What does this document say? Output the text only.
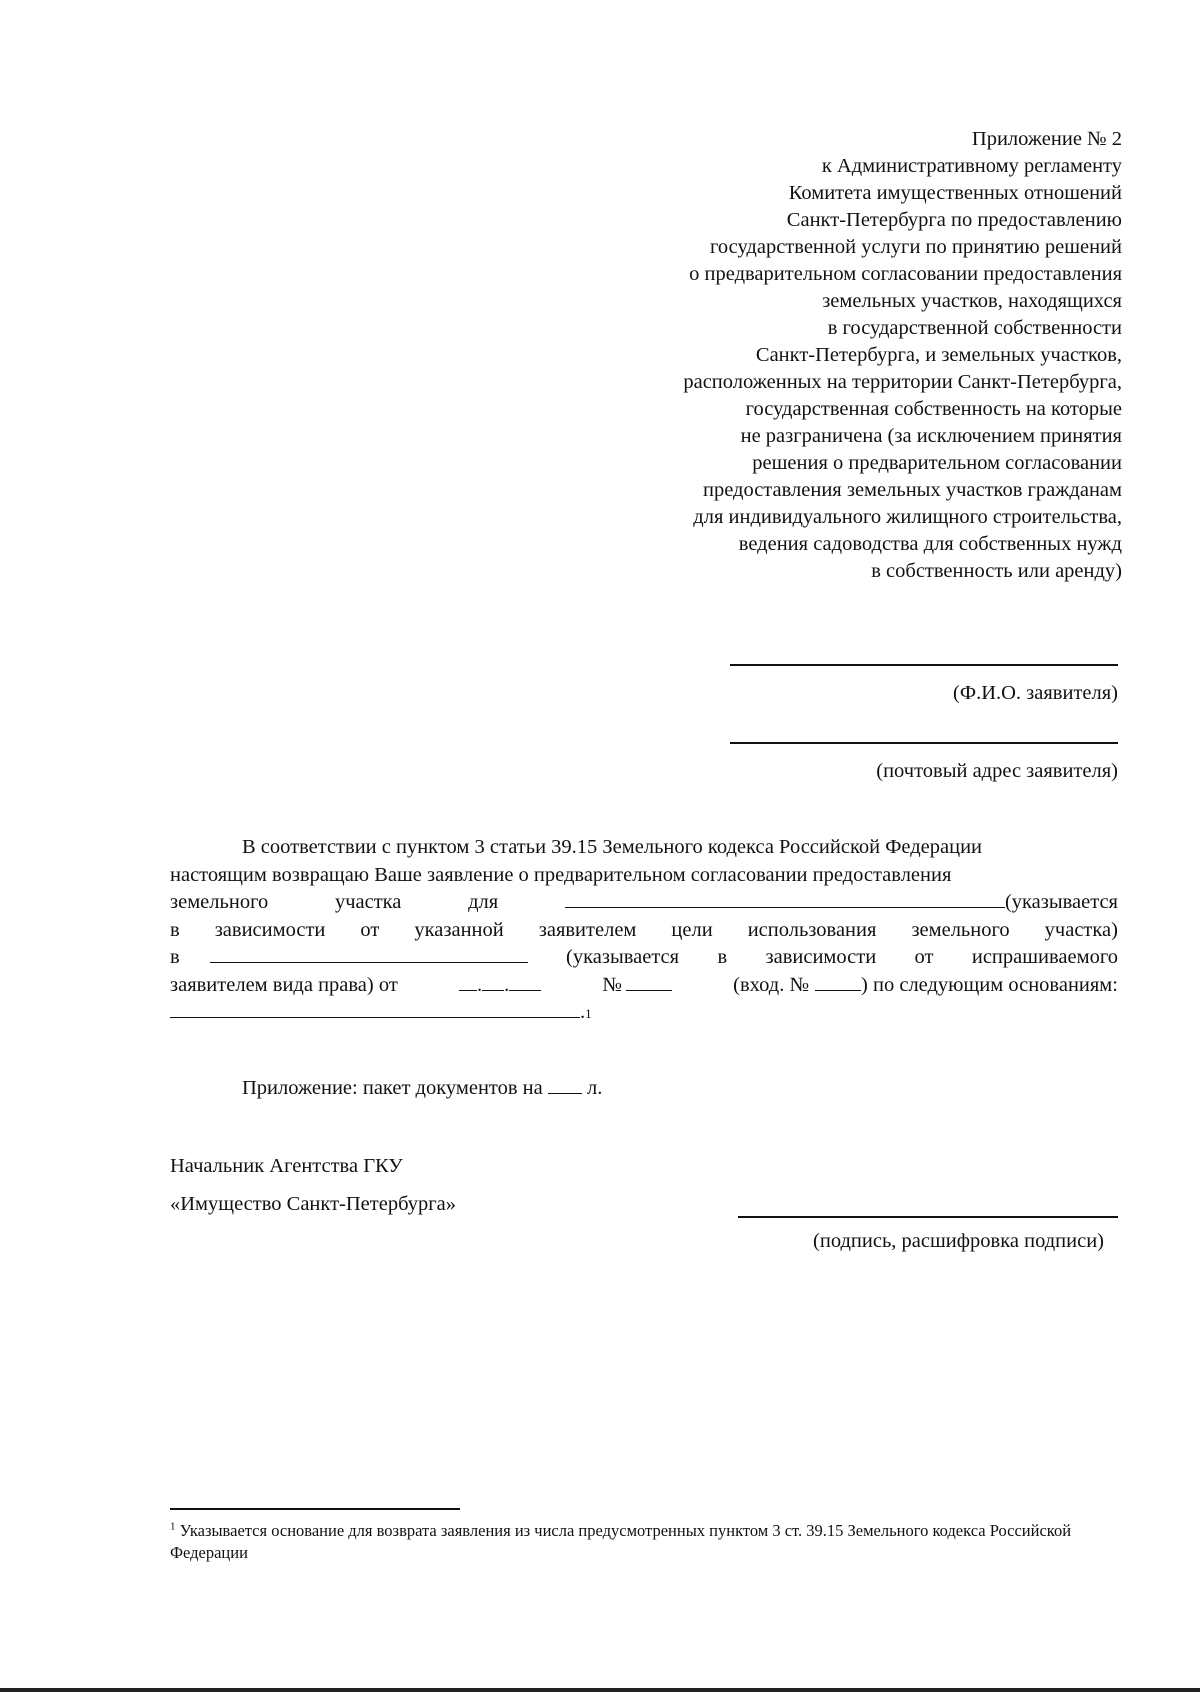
Приложение № 2
к Административному регламенту
Комитета имущественных отношений
Санкт-Петербурга по предоставлению
государственной услуги по принятию решений
о предварительном согласовании предоставления
земельных участков, находящихся
в государственной собственности
Санкт-Петербурга, и земельных участков,
расположенных на территории Санкт-Петербурга,
государственная собственность на которые
не разграничена (за исключением принятия
решения о предварительном согласовании
предоставления земельных участков гражданам
для индивидуального жилищного строительства,
ведения садоводства для собственных нужд
в собственность или аренду)
(Ф.И.О. заявителя)
(почтовый адрес заявителя)
В соответствии с пунктом 3 статьи 39.15 Земельного кодекса Российской Федерации
настоящим возвращаю Ваше заявление о предварительном согласовании предоставления
земельного	участка	для	(указывается
в зависимости от указанной заявителем цели использования земельного участка)
в	(указывается в зависимости от испрашиваемого
заявителем вида права) от	. .	№	(вход. №	) по следующим основаниям:
. 1
Приложение: пакет документов на л.
Начальник Агентства ГКУ
«Имущество Санкт-Петербурга»
(подпись, расшифровка подписи)
$^1$ Указывается основание для возврата заявления из числа предусмотренных пунктом 3 ст. 39.15 Земельного кодекса Российской Федерации
